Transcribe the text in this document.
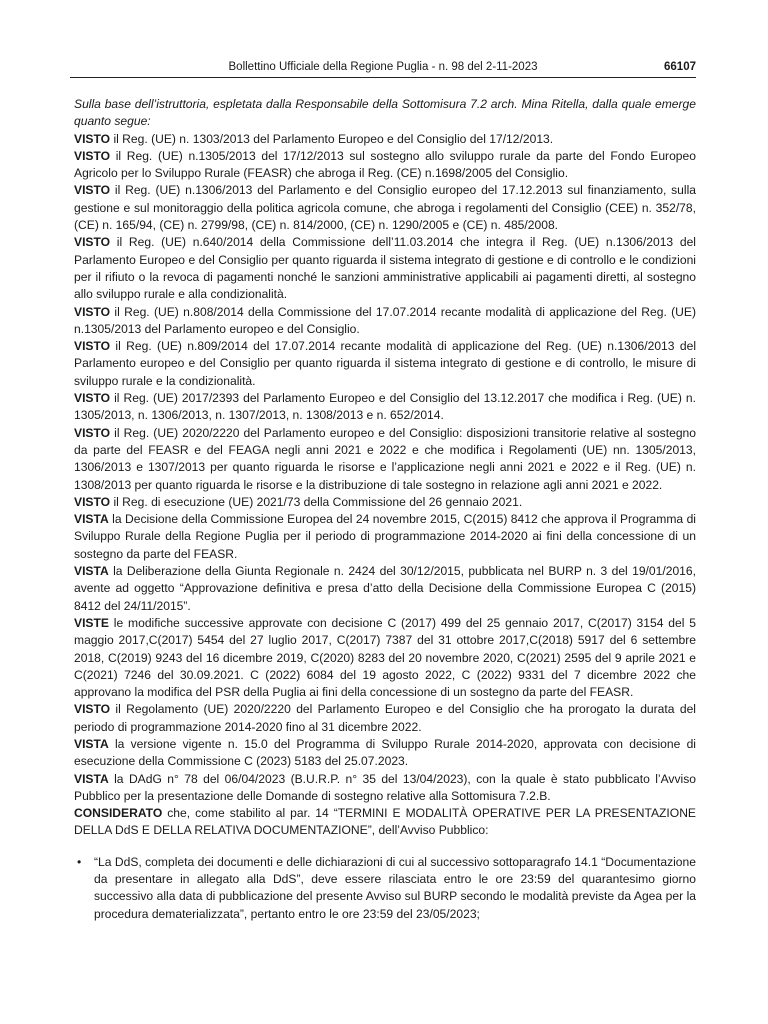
Bollettino Ufficiale della Regione Puglia - n. 98 del 2-11-2023	66107

Sulla base dell’istruttoria, espletata dalla Responsabile della Sottomisura 7.2 arch. Mina Ritella, dalla quale emerge quanto segue:

VISTO il Reg. (UE) n. 1303/2013 del Parlamento Europeo e del Consiglio del 17/12/2013.

VISTO il Reg. (UE) n.1305/2013 del 17/12/2013 sul sostegno allo sviluppo rurale da parte del Fondo Europeo Agricolo per lo Sviluppo Rurale (FEASR) che abroga il Reg. (CE) n.1698/2005 del Consiglio.

VISTO il Reg. (UE) n.1306/2013 del Parlamento e del Consiglio europeo del 17.12.2013 sul finanziamento, sulla gestione e sul monitoraggio della politica agricola comune, che abroga i regolamenti del Consiglio (CEE) n. 352/78, (CE) n. 165/94, (CE) n. 2799/98, (CE) n. 814/2000, (CE) n. 1290/2005 e (CE) n. 485/2008.

VISTO il Reg. (UE) n.640/2014 della Commissione dell’11.03.2014 che integra il Reg. (UE) n.1306/2013 del Parlamento Europeo e del Consiglio per quanto riguarda il sistema integrato di gestione e di controllo e le condizioni per il rifiuto o la revoca di pagamenti nonché le sanzioni amministrative applicabili ai pagamenti diretti, al sostegno allo sviluppo rurale e alla condizionalità.

VISTO il Reg. (UE) n.808/2014 della Commissione del 17.07.2014 recante modalità di applicazione del Reg. (UE) n.1305/2013 del Parlamento europeo e del Consiglio.

VISTO il Reg. (UE) n.809/2014 del 17.07.2014 recante modalità di applicazione del Reg. (UE) n.1306/2013 del Parlamento europeo e del Consiglio per quanto riguarda il sistema integrato di gestione e di controllo, le misure di sviluppo rurale e la condizionalità.

VISTO il Reg. (UE) 2017/2393 del Parlamento Europeo e del Consiglio del 13.12.2017 che modifica i Reg. (UE) n. 1305/2013, n. 1306/2013, n. 1307/2013, n. 1308/2013 e n. 652/2014.

VISTO il Reg. (UE) 2020/2220 del Parlamento europeo e del Consiglio: disposizioni transitorie relative al sostegno da parte del FEASR e del FEAGA negli anni 2021 e 2022 e che modifica i Regolamenti (UE) nn. 1305/2013, 1306/2013 e 1307/2013 per quanto riguarda le risorse e l’applicazione negli anni 2021 e 2022 e il Reg. (UE) n. 1308/2013 per quanto riguarda le risorse e la distribuzione di tale sostegno in relazione agli anni 2021 e 2022.

VISTO il Reg. di esecuzione (UE) 2021/73 della Commissione del 26 gennaio 2021.

VISTA la Decisione della Commissione Europea del 24 novembre 2015, C(2015) 8412 che approva il Programma di Sviluppo Rurale della Regione Puglia per il periodo di programmazione 2014-2020 ai fini della concessione di un sostegno da parte del FEASR.

VISTA la Deliberazione della Giunta Regionale n. 2424 del 30/12/2015, pubblicata nel BURP n. 3 del 19/01/2016, avente ad oggetto “Approvazione definitiva e presa d’atto della Decisione della Commissione Europea C (2015) 8412 del 24/11/2015”.

VISTE le modifiche successive approvate con decisione C (2017) 499 del 25 gennaio 2017, C(2017) 3154 del 5 maggio 2017,C(2017) 5454 del 27 luglio 2017, C(2017) 7387 del 31 ottobre 2017,C(2018) 5917 del 6 settembre 2018, C(2019) 9243 del 16 dicembre 2019, C(2020) 8283 del 20 novembre 2020, C(2021) 2595 del 9 aprile 2021 e C(2021) 7246 del 30.09.2021. C (2022) 6084 del 19 agosto 2022, C (2022) 9331 del 7 dicembre 2022 che approvano la modifica del PSR della Puglia ai fini della concessione di un sostegno da parte del FEASR.

VISTO il Regolamento (UE) 2020/2220 del Parlamento Europeo e del Consiglio che ha prorogato la durata del periodo di programmazione 2014-2020 fino al 31 dicembre 2022.

VISTA la versione vigente n. 15.0 del Programma di Sviluppo Rurale 2014-2020, approvata con decisione di esecuzione della Commissione C (2023) 5183 del 25.07.2023.

VISTA la DAdG n° 78 del 06/04/2023 (B.U.R.P. n° 35 del 13/04/2023), con la quale è stato pubblicato l’Avviso Pubblico per la presentazione delle Domande di sostegno relative alla Sottomisura 7.2.B.

CONSIDERATO che, come stabilito al par. 14 “TERMINI E MODALITÀ OPERATIVE PER LA PRESENTAZIONE DELLA DdS E DELLA RELATIVA DOCUMENTAZIONE”, dell’Avviso Pubblico:

• “La DdS, completa dei documenti e delle dichiarazioni di cui al successivo sottoparagrafo 14.1 “Documentazione da presentare in allegato alla DdS”, deve essere rilasciata entro le ore 23:59 del quarantesimo giorno successivo alla data di pubblicazione del presente Avviso sul BURP secondo le modalità previste da Agea per la procedura dematerializzata”, pertanto entro le ore 23:59 del 23/05/2023;
